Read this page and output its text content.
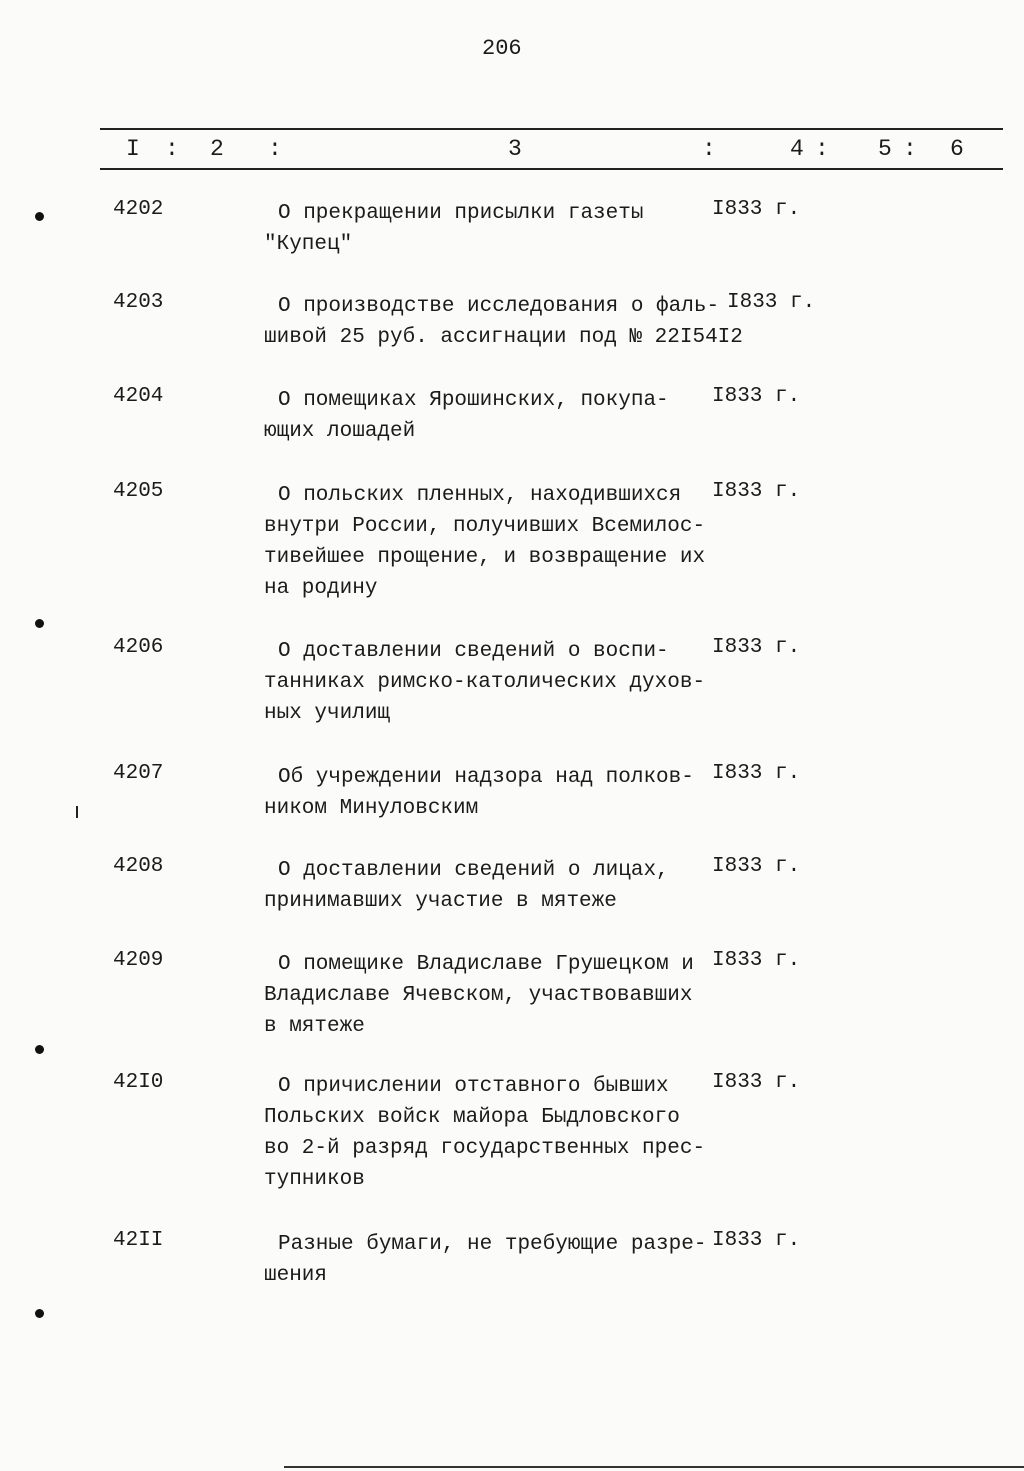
206
I : 2 :	3	:	4 : 5 : 6
4202	О прекращении присылки газеты
"Купец"
I833 г.
4203	О производстве исследования о фаль-
шивой 25 руб. ассигнации под № 22I54I2
I833 г.
4204	О помещиках Ярошинских, покупа-
ющих лошадей
I833 г.
4205	О польских пленных, находившихся
внутри России, получивших Всемилос-
тивейшее прощение, и возвращение их
на родину
I833 г.
4206	О доставлении сведений о воспи-
танниках римско-католических духов-
ных училищ
I833 г.
4207	Об учреждении надзора над полков-
ником Минуловским
I833 г.
4208	О доставлении сведений о лицах,
принимавших участие в мятеже
I833 г.
4209	О помещике Владиславе Грушецком и
Владиславе Ячевском, участвовавших
в мятеже
I833 г.
42I0	О причислении отставного бывших
Польских войск майора Быдловского
во 2-й разряд государственных прес-
тупников
I833 г.
42II	Разные бумаги, не требующие разре-
шения
I833 г.
